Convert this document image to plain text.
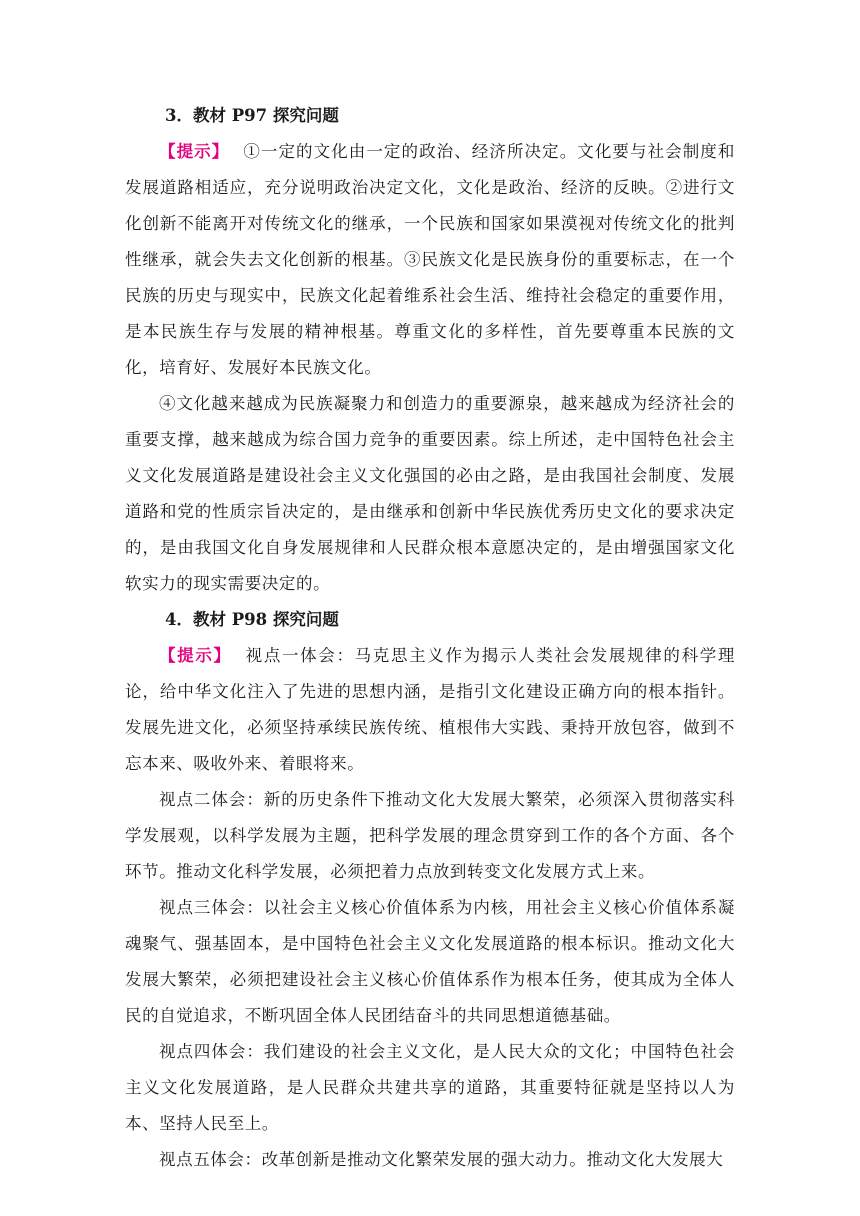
3．教材 P97 探究问题

【提示】 ①一定的文化由一定的政治、经济所决定。文化要与社会制度和发展道路相适应，充分说明政治决定文化，文化是政治、经济的反映。②进行文化创新不能离开对传统文化的继承，一个民族和国家如果漠视对传统文化的批判性继承，就会失去文化创新的根基。③民族文化是民族身份的重要标志，在一个民族的历史与现实中，民族文化起着维系社会生活、维持社会稳定的重要作用，是本民族生存与发展的精神根基。尊重文化的多样性，首先要尊重本民族的文化，培育好、发展好本民族文化。

④文化越来越成为民族凝聚力和创造力的重要源泉，越来越成为经济社会的重要支撑，越来越成为综合国力竞争的重要因素。综上所述，走中国特色社会主义文化发展道路是建设社会主义文化强国的必由之路，是由我国社会制度、发展道路和党的性质宗旨决定的，是由继承和创新中华民族优秀历史文化的要求决定的，是由我国文化自身发展规律和人民群众根本意愿决定的，是由增强国家文化软实力的现实需要决定的。

4．教材 P98 探究问题

【提示】 视点一体会：马克思主义作为揭示人类社会发展规律的科学理论，给中华文化注入了先进的思想内涵，是指引文化建设正确方向的根本指针。发展先进文化，必须坚持承续民族传统、植根伟大实践、秉持开放包容，做到不忘本来、吸收外来、着眼将来。

视点二体会：新的历史条件下推动文化大发展大繁荣，必须深入贯彻落实科学发展观，以科学发展为主题，把科学发展的理念贯穿到工作的各个方面、各个环节。推动文化科学发展，必须把着力点放到转变文化发展方式上来。

视点三体会：以社会主义核心价值体系为内核，用社会主义核心价值体系凝魂聚气、强基固本，是中国特色社会主义文化发展道路的根本标识。推动文化大发展大繁荣，必须把建设社会主义核心价值体系作为根本任务，使其成为全体人民的自觉追求，不断巩固全体人民团结奋斗的共同思想道德基础。

视点四体会：我们建设的社会主义文化，是人民大众的文化；中国特色社会主义文化发展道路，是人民群众共建共享的道路，其重要特征就是坚持以人为本、坚持人民至上。

视点五体会：改革创新是推动文化繁荣发展的强大动力。推动文化大发展大
